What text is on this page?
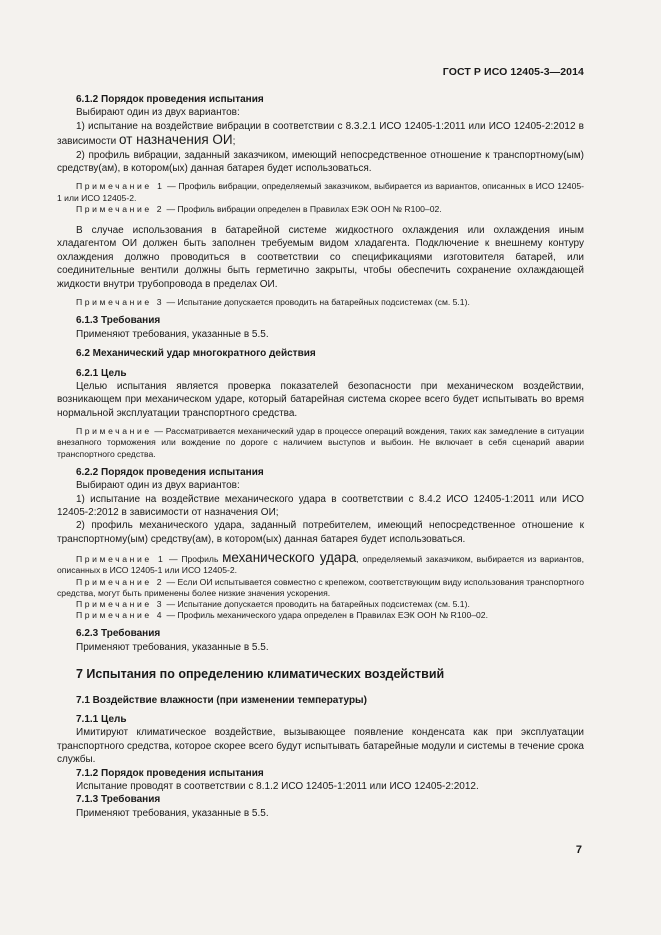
ГОСТ Р ИСО 12405-3—2014

6.1.2 Порядок проведения испытания

Выбирают один из двух вариантов:

1) испытание на воздействие вибрации в соответствии с 8.3.2.1 ИСО 12405-1:2011 или ИСО 12405-2:2012 в зависимости от назначения ОИ;

2) профиль вибрации, заданный заказчиком, имеющий непосредственное отношение к транспортному(ым) средству(ам), в котором(ых) данная батарея будет использоваться.

Примечание 1 — Профиль вибрации, определяемый заказчиком, выбирается из вариантов, описанных в ИСО 12405-1 или ИСО 12405-2.

Примечание 2 — Профиль вибрации определен в Правилах ЕЭК ООН № R100–02.

В случае использования в батарейной системе жидкостного охлаждения или охлаждения иным хладагентом ОИ должен быть заполнен требуемым видом хладагента. Подключение к внешнему контуру охлаждения должно проводиться в соответствии со спецификациями изготовителя батарей, или соединительные вентили должны быть герметично закрыты, чтобы обеспечить сохранение охлаждающей жидкости внутри трубопровода в пределах ОИ.

Примечание 3 — Испытание допускается проводить на батарейных подсистемах (см. 5.1).

6.1.3 Требования

Применяют требования, указанные в 5.5.

6.2 Механический удар многократного действия

6.2.1 Цель

Целью испытания является проверка показателей безопасности при механическом воздействии, возникающем при механическом ударе, который батарейная система скорее всего будет испытывать во время нормальной эксплуатации транспортного средства.

Примечание — Рассматривается механический удар в процессе операций вождения, таких как замедление в ситуации внезапного торможения или вождение по дороге с наличием выступов и выбоин. Не включает в себя сценарий аварии транспортного средства.

6.2.2 Порядок проведения испытания

Выбирают один из двух вариантов:

1) испытание на воздействие механического удара в соответствии с 8.4.2 ИСО 12405-1:2011 или ИСО 12405-2:2012 в зависимости от назначения ОИ;

2) профиль механического удара, заданный потребителем, имеющий непосредственное отношение к транспортному(ым) средству(ам), в котором(ых) данная батарея будет использоваться.

Примечание 1 — Профиль механического удара, определяемый заказчиком, выбирается из вариантов, описанных в ИСО 12405-1 или ИСО 12405-2.

Примечание 2 — Если ОИ испытывается совместно с крепежом, соответствующим виду использования транспортного средства, могут быть применены более низкие значения ускорения.

Примечание 3 — Испытание допускается проводить на батарейных подсистемах (см. 5.1).

Примечание 4 — Профиль механического удара определен в Правилах ЕЭК ООН № R100–02.

6.2.3 Требования

Применяют требования, указанные в 5.5.

7 Испытания по определению климатических воздействий

7.1 Воздействие влажности (при изменении температуры)

7.1.1 Цель

Имитируют климатическое воздействие, вызывающее появление конденсата как при эксплуатации транспортного средства, которое скорее всего будут испытывать батарейные модули и системы в течение срока службы.

7.1.2 Порядок проведения испытания

Испытание проводят в соответствии с 8.1.2 ИСО 12405-1:2011 или ИСО 12405-2:2012.

7.1.3 Требования

Применяют требования, указанные в 5.5.

7
